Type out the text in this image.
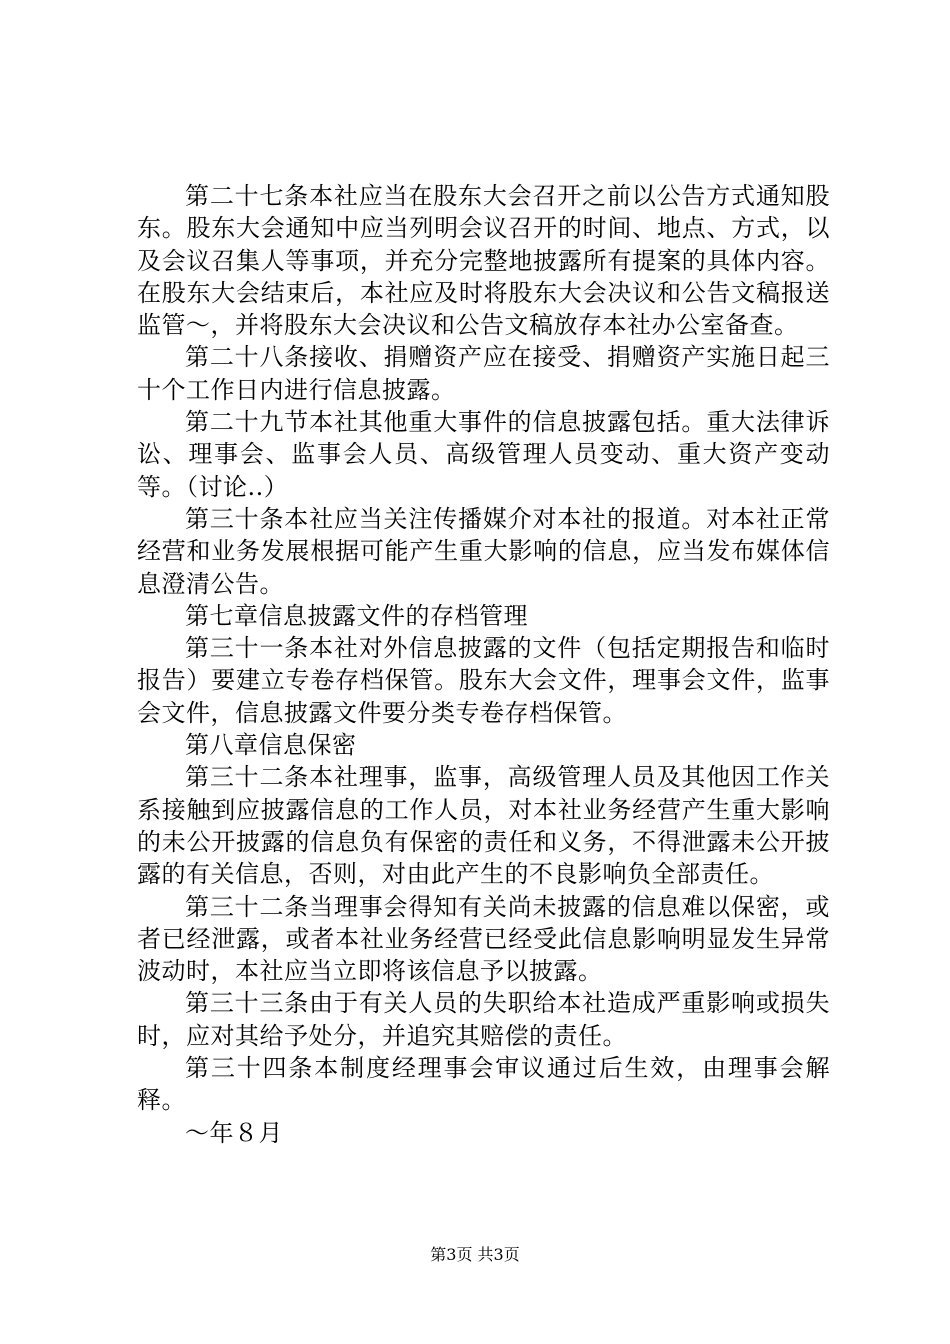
第二十七条本社应当在股东大会召开之前以公告方式通知股东。股东大会通知中应当列明会议召开的时间、地点、方式，以及会议召集人等事项，并充分完整地披露所有提案的具体内容。在股东大会结束后，本社应及时将股东大会决议和公告文稿报送监管～，并将股东大会决议和公告文稿放存本社办公室备查。

第二十八条接收、捐赠资产应在接受、捐赠资产实施日起三十个工作日内进行信息披露。

第二十九节本社其他重大事件的信息披露包括。重大法律诉讼、理事会、监事会人员、高级管理人员变动、重大资产变动等。（讨论..）

第三十条本社应当关注传播媒介对本社的报道。对本社正常经营和业务发展根据可能产生重大影响的信息，应当发布媒体信息澄清公告。

第七章信息披露文件的存档管理

第三十一条本社对外信息披露的文件（包括定期报告和临时报告）要建立专卷存档保管。股东大会文件，理事会文件，监事会文件，信息披露文件要分类专卷存档保管。

第八章信息保密

第三十二条本社理事，监事，高级管理人员及其他因工作关系接触到应披露信息的工作人员，对本社业务经营产生重大影响的未公开披露的信息负有保密的责任和义务，不得泄露未公开披露的有关信息，否则，对由此产生的不良影响负全部责任。

第三十二条当理事会得知有关尚未披露的信息难以保密，或者已经泄露，或者本社业务经营已经受此信息影响明显发生异常波动时，本社应当立即将该信息予以披露。

第三十三条由于有关人员的失职给本社造成严重影响或损失时，应对其给予处分，并追究其赔偿的责任。

第三十四条本制度经理事会审议通过后生效，由理事会解释。

～年８月

第3页 共3页
